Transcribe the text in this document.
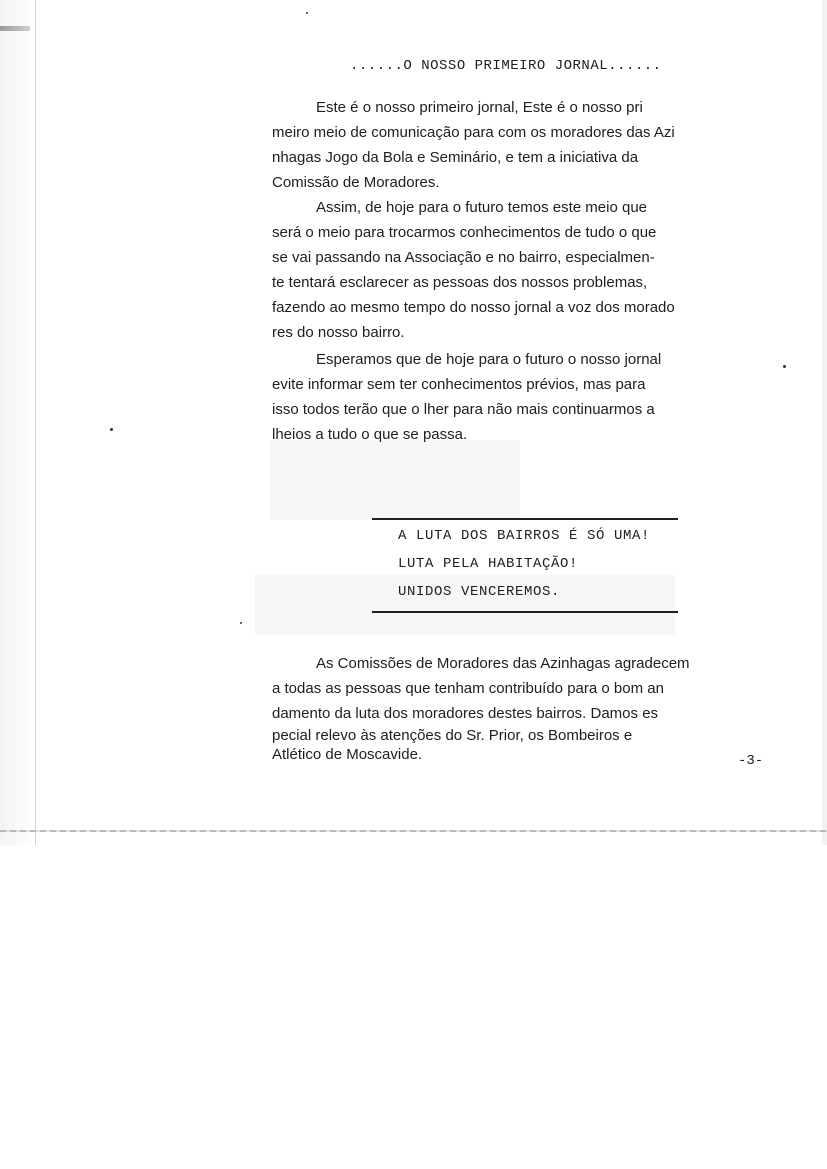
......O NOSSO PRIMEIRO JORNAL......

Este é o nosso primeiro jornal, Este é o nosso pri

meiro meio de comunicação para com os moradores das Azi

nhagas Jogo da Bola e Seminário, e tem a iniciativa da

Comissão de Moradores.

Assim, de hoje para o futuro temos este meio que

será o meio para trocarmos conhecimentos de tudo o que

se vai passando na Associação e no bairro, especialmen-

te tentará esclarecer as pessoas dos nossos problemas,

fazendo ao mesmo tempo do nosso jornal a voz dos morado

res do nosso bairro.

Esperamos que de hoje para o futuro o nosso jornal

evite informar sem ter conhecimentos prévios, mas para

isso todos terão que o lher para não mais continuarmos a

lheios a tudo o que se passa.

A LUTA DOS BAIRROS É SÓ UMA!

LUTA PELA HABITAÇÃO!

UNIDOS VENCEREMOS.

As Comissões de Moradores das Azinhagas agradecem

a todas as pessoas que tenham contribuído para o bom an

damento da luta dos moradores destes bairros. Damos es

pecial relevo às atenções do Sr. Prior, os Bombeiros e

Atlético de Moscavide.	-3-
